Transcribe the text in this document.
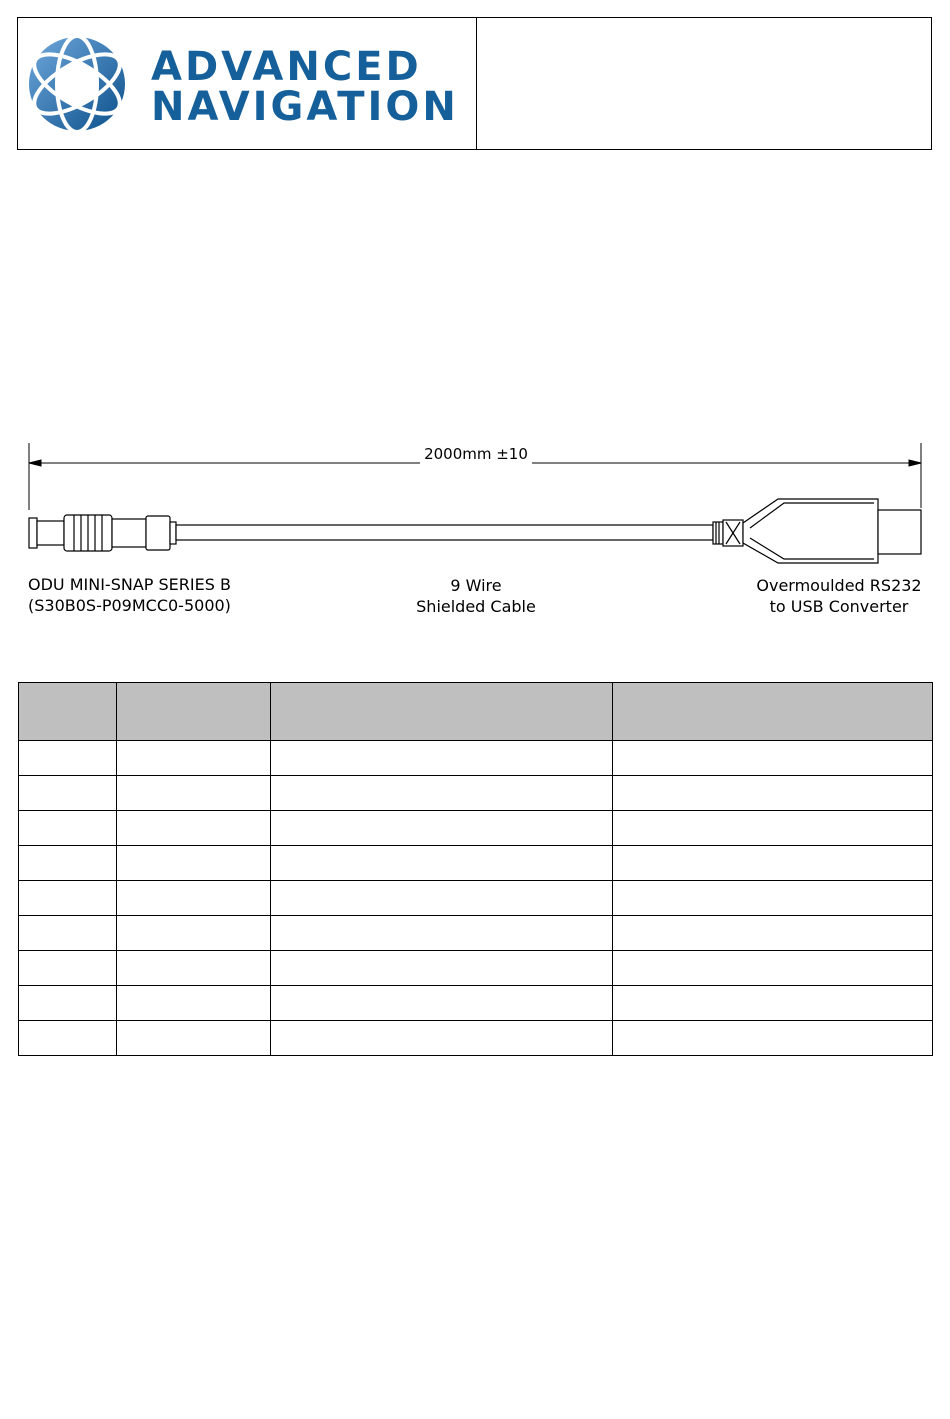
ADVANCED
NAVIGATION
2000mm ±10
ODU MINI-SNAP SERIES B
(S30B0S-P09MCC0-5000)
9 Wire
Shielded Cable
Overmoulded RS232
to USB Converter
